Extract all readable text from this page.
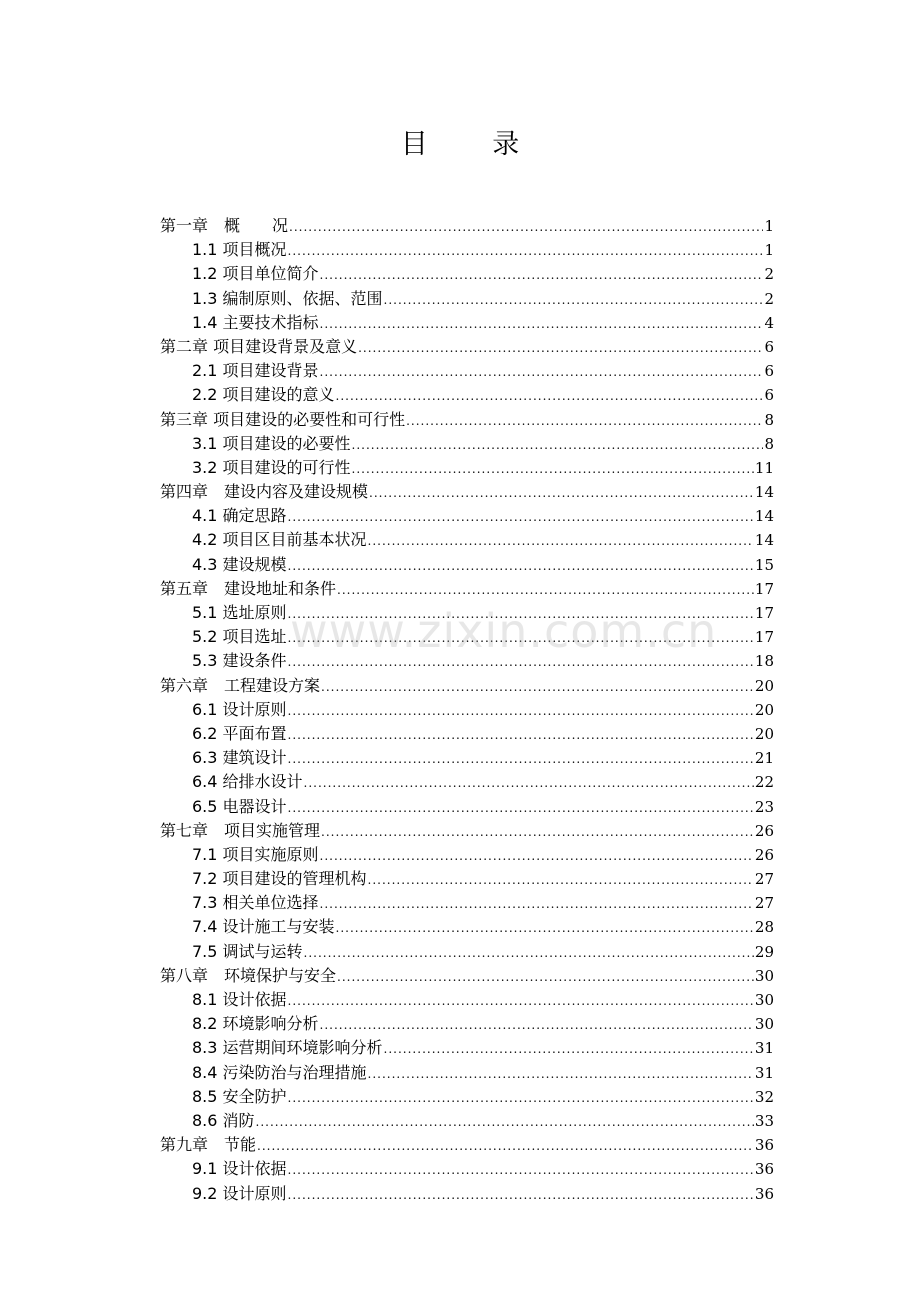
目 录
第一章　概　　况 .....	1
1.1 项目概况 .....	1
1.2 项目单位简介 .....	2
1.3 编制原则、依据、范围 .....	2
1.4 主要技术指标 .....	4
第二章 项目建设背景及意义 .....	6
2.1 项目建设背景 .....	6
2.2 项目建设的意义 .....	6
第三章 项目建设的必要性和可行性 .....	8
3.1 项目建设的必要性 .....	8
3.2 项目建设的可行性 .....	11
第四章　建设内容及建设规模 .....	14
4.1 确定思路 .....	14
4.2 项目区目前基本状况 .....	14
4.3 建设规模 .....	15
第五章　建设地址和条件 .....	17
5.1 选址原则 .....	17
5.2 项目选址 .....	17
5.3 建设条件 .....	18
第六章　工程建设方案 .....	20
6.1 设计原则 .....	20
6.2 平面布置 .....	20
6.3 建筑设计 .....	21
6.4 给排水设计 .....	22
6.5 电器设计 .....	23
第七章　项目实施管理 .....	26
7.1 项目实施原则 .....	26
7.2 项目建设的管理机构 .....	27
7.3 相关单位选择 .....	27
7.4 设计施工与安装 .....	28
7.5 调试与运转 .....	29
第八章　环境保护与安全 .....	30
8.1 设计依据 .....	30
8.2 环境影响分析 .....	30
8.3 运营期间环境影响分析 .....	31
8.4 污染防治与治理措施 .....	31
8.5 安全防护 .....	32
8.6 消防 .....	33
第九章　节能 .....	36
9.1 设计依据 .....	36
9.2 设计原则 .....	36
www.zixin.com.cn
